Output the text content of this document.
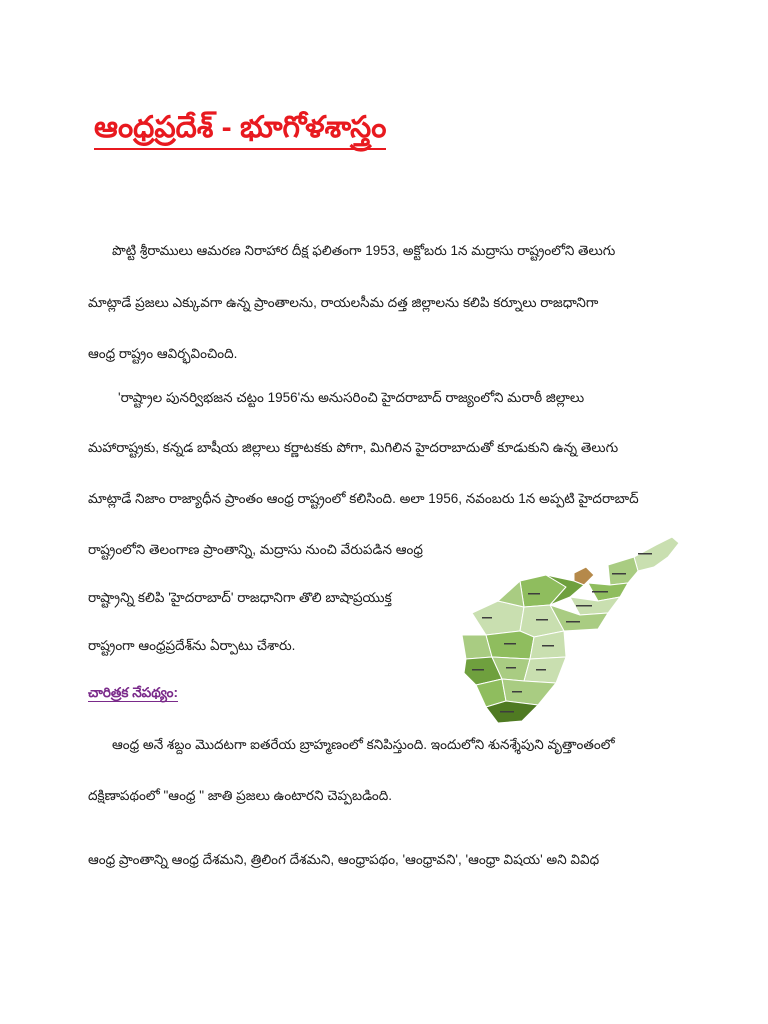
ఆంధ్రప్రదేశ్ - భూగోళశాస్త్రం
పొట్టి శ్రీరాములు ఆమరణ నిరాహార దీక్ష ఫలితంగా 1953, అక్టోబరు 1న మద్రాసు రాష్ట్రంలోని తెలుగు
మాట్లాడే ప్రజలు ఎక్కువగా ఉన్న ప్రాంతాలను, రాయలసీమ దత్త జిల్లాలను కలిపి కర్నూలు రాజధానిగా
ఆంధ్ర రాష్ట్రం ఆవిర్భవించింది.
'రాష్ట్రాల పునర్విభజన చట్టం 1956'ను అనుసరించి హైదరాబాద్ రాజ్యంలోని మరాఠీ జిల్లాలు
మహారాష్ట్రకు, కన్నడ బాషీయ జిల్లాలు కర్ణాటకకు పోగా, మిగిలిన హైదరాబాదుతో కూడుకుని ఉన్న తెలుగు
మాట్లాడే నిజాం రాజ్యాధీన ప్రాంతం ఆంధ్ర రాష్ట్రంలో కలిసింది. అలా 1956, నవంబరు 1న అప్పటి హైదరాబాద్
రాష్ట్రంలోని తెలంగాణ ప్రాంతాన్ని, మద్రాసు నుంచి వేరుపడిన ఆంధ్ర
రాష్ట్రాన్ని కలిపి 'హైదరాబాద్' రాజధానిగా తొలి బాషాప్రయుక్త
రాష్ట్రంగా ఆంధ్రప్రదేశ్‌ను ఏర్పాటు చేశారు.
చారిత్రక నేపథ్యం:
ఆంధ్ర అనే శబ్దం మొదటగా ఐతరేయ బ్రాహ్మణంలో కనిపిస్తుంది. ఇందులోని శునశ్శేపుని వృత్తాంతంలో
దక్షిణాపథంలో "ఆంధ్ర " జాతి ప్రజలు ఉంటారని చెప్పబడింది.
ఆంధ్ర ప్రాంతాన్ని ఆంధ్ర దేశమని, త్రిలింగ దేశమని, ఆంధ్రాపథం, 'ఆంధ్రావని', 'ఆంధ్రా విషయ' అని వివిధ
